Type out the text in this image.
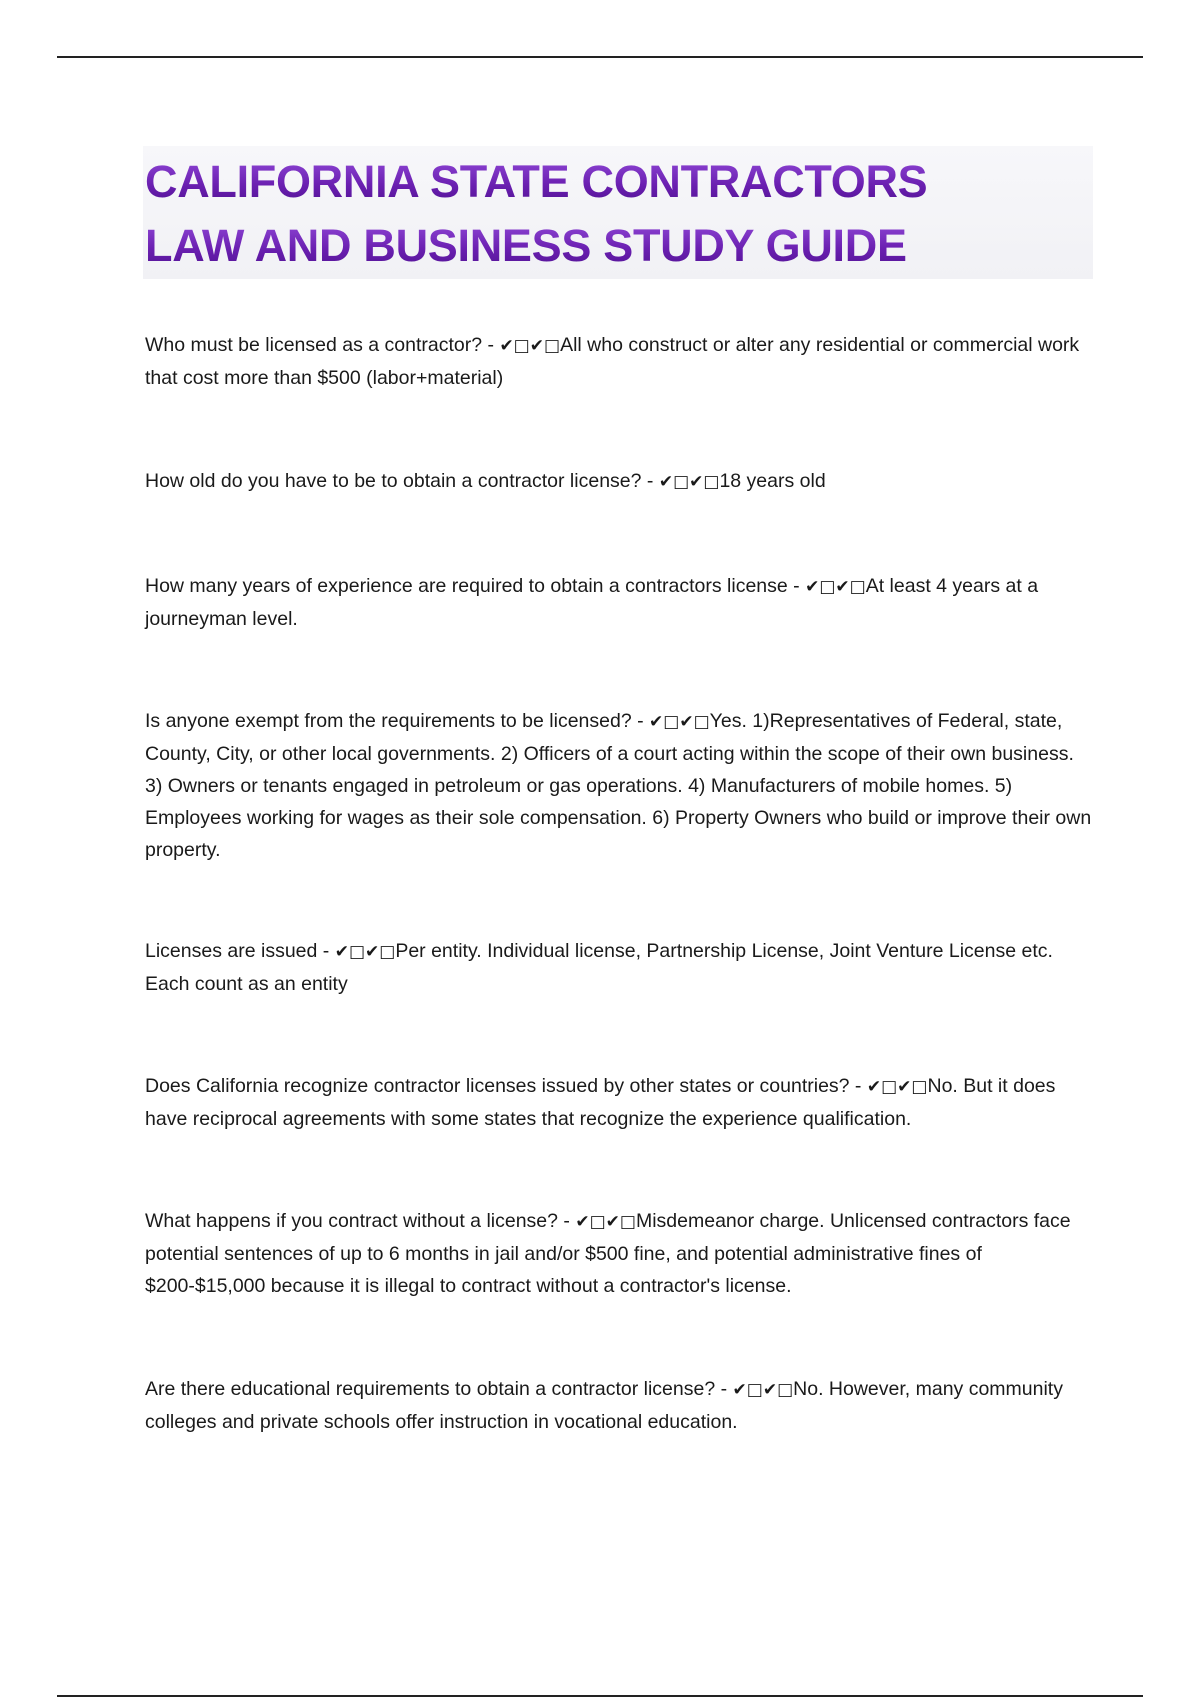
CALIFORNIA STATE CONTRACTORS
LAW AND BUSINESS STUDY GUIDE

Who must be licensed as a contractor? - ✔□✔□All who construct or alter any residential or commercial work that cost more than $500 (labor+material)

How old do you have to be to obtain a contractor license? - ✔□✔□18 years old

How many years of experience are required to obtain a contractors license - ✔□✔□At least 4 years at a journeyman level.

Is anyone exempt from the requirements to be licensed? - ✔□✔□Yes. 1)Representatives of Federal, state, County, City, or other local governments. 2) Officers of a court acting within the scope of their own business. 3) Owners or tenants engaged in petroleum or gas operations. 4) Manufacturers of mobile homes. 5) Employees working for wages as their sole compensation. 6) Property Owners who build or improve their own property.

Licenses are issued - ✔□✔□Per entity. Individual license, Partnership License, Joint Venture License etc. Each count as an entity

Does California recognize contractor licenses issued by other states or countries? - ✔□✔□No. But it does have reciprocal agreements with some states that recognize the experience qualification.

What happens if you contract without a license? - ✔□✔□Misdemeanor charge. Unlicensed contractors face potential sentences of up to 6 months in jail and/or $500 fine, and potential administrative fines of $200-$15,000 because it is illegal to contract without a contractor's license.

Are there educational requirements to obtain a contractor license? - ✔□✔□No. However, many community colleges and private schools offer instruction in vocational education.
